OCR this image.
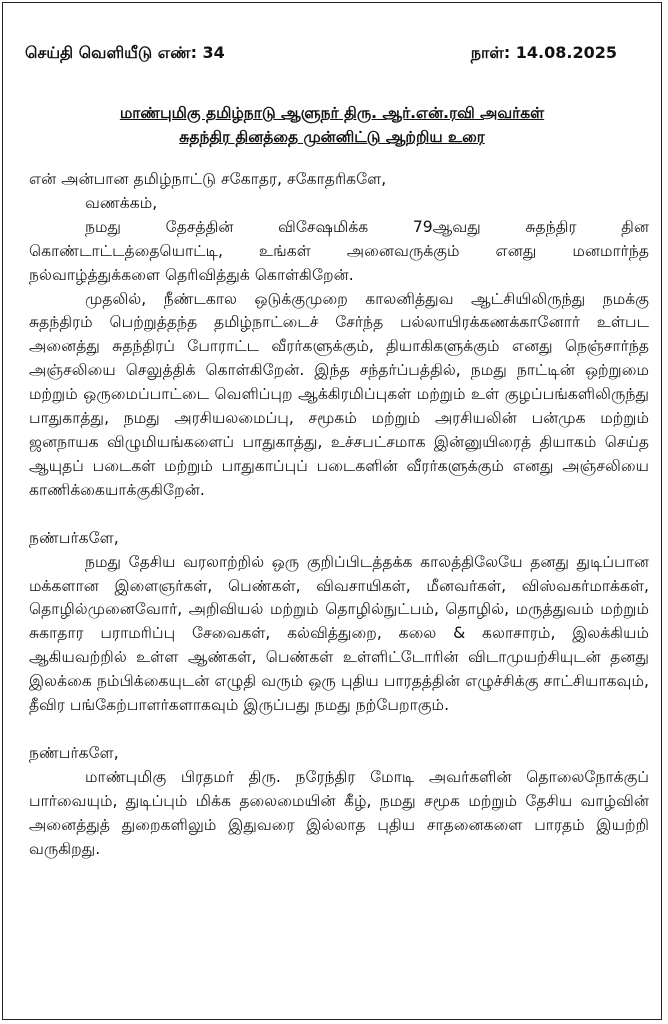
செய்தி வெளியீடு எண்: 34	நாள்: 14.08.2025
மாண்புமிகு தமிழ்நாடு ஆளுநர் திரு. ஆர்.என்.ரவி அவர்கள்
சுதந்திர தினத்தை முன்னிட்டு ஆற்றிய உரை

என் அன்பான தமிழ்நாட்டு சகோதர, சகோதரிகளே,

வணக்கம்,

நமது தேசத்தின் விசேஷமிக்க 79ஆவது சுதந்திர தின கொண்டாட்டத்தையொட்டி, உங்கள் அனைவருக்கும் எனது மனமார்ந்த நல்வாழ்த்துக்களை தெரிவித்துக் கொள்கிறேன்.

முதலில், நீண்டகால ஒடுக்குமுறை காலனித்துவ ஆட்சியிலிருந்து நமக்கு சுதந்திரம் பெற்றுத்தந்த தமிழ்நாட்டைச் சேர்ந்த பல்லாயிரக்கணக்கானோர் உள்பட அனைத்து சுதந்திரப் போராட்ட வீரர்களுக்கும், தியாகிகளுக்கும் எனது நெஞ்சார்ந்த அஞ்சலியை செலுத்திக் கொள்கிறேன். இந்த சந்தர்ப்பத்தில், நமது நாட்டின் ஒற்றுமை மற்றும் ஒருமைப்பாட்டை வெளிப்புற ஆக்கிரமிப்புகள் மற்றும் உள் குழப்பங்களிலிருந்து பாதுகாத்து, நமது அரசியலமைப்பு, சமூகம் மற்றும் அரசியலின் பன்முக மற்றும் ஜனநாயக விழுமியங்களைப் பாதுகாத்து, உச்சபட்சமாக இன்னுயிரைத் தியாகம் செய்த ஆயுதப் படைகள் மற்றும் பாதுகாப்புப் படைகளின் வீரர்களுக்கும் எனது அஞ்சலியை காணிக்கையாக்குகிறேன்.

நண்பர்களே,

நமது தேசிய வரலாற்றில் ஒரு குறிப்பிடத்தக்க காலத்திலேயே தனது துடிப்பான மக்களான இளைஞர்கள், பெண்கள், விவசாயிகள், மீனவர்கள், விஸ்வகர்மாக்கள், தொழில்முனைவோர், அறிவியல் மற்றும் தொழில்நுட்பம், தொழில், மருத்துவம் மற்றும் சுகாதார பராமரிப்பு சேவைகள், கல்வித்துறை, கலை & கலாசாரம், இலக்கியம் ஆகியவற்றில் உள்ள ஆண்கள், பெண்கள் உள்ளிட்டோரின் விடாமுயற்சியுடன் தனது இலக்கை நம்பிக்கையுடன் எழுதி வரும் ஒரு புதிய பாரதத்தின் எழுச்சிக்கு சாட்சியாகவும், தீவிர பங்கேற்பாளர்களாகவும் இருப்பது நமது நற்பேறாகும்.

நண்பர்களே,

மாண்புமிகு பிரதமர் திரு. நரேந்திர மோடி அவர்களின் தொலைநோக்குப் பார்வையும், துடிப்பும் மிக்க தலைமையின் கீழ், நமது சமூக மற்றும் தேசிய வாழ்வின் அனைத்துத் துறைகளிலும் இதுவரை இல்லாத புதிய சாதனைகளை பாரதம் இயற்றி வருகிறது.
